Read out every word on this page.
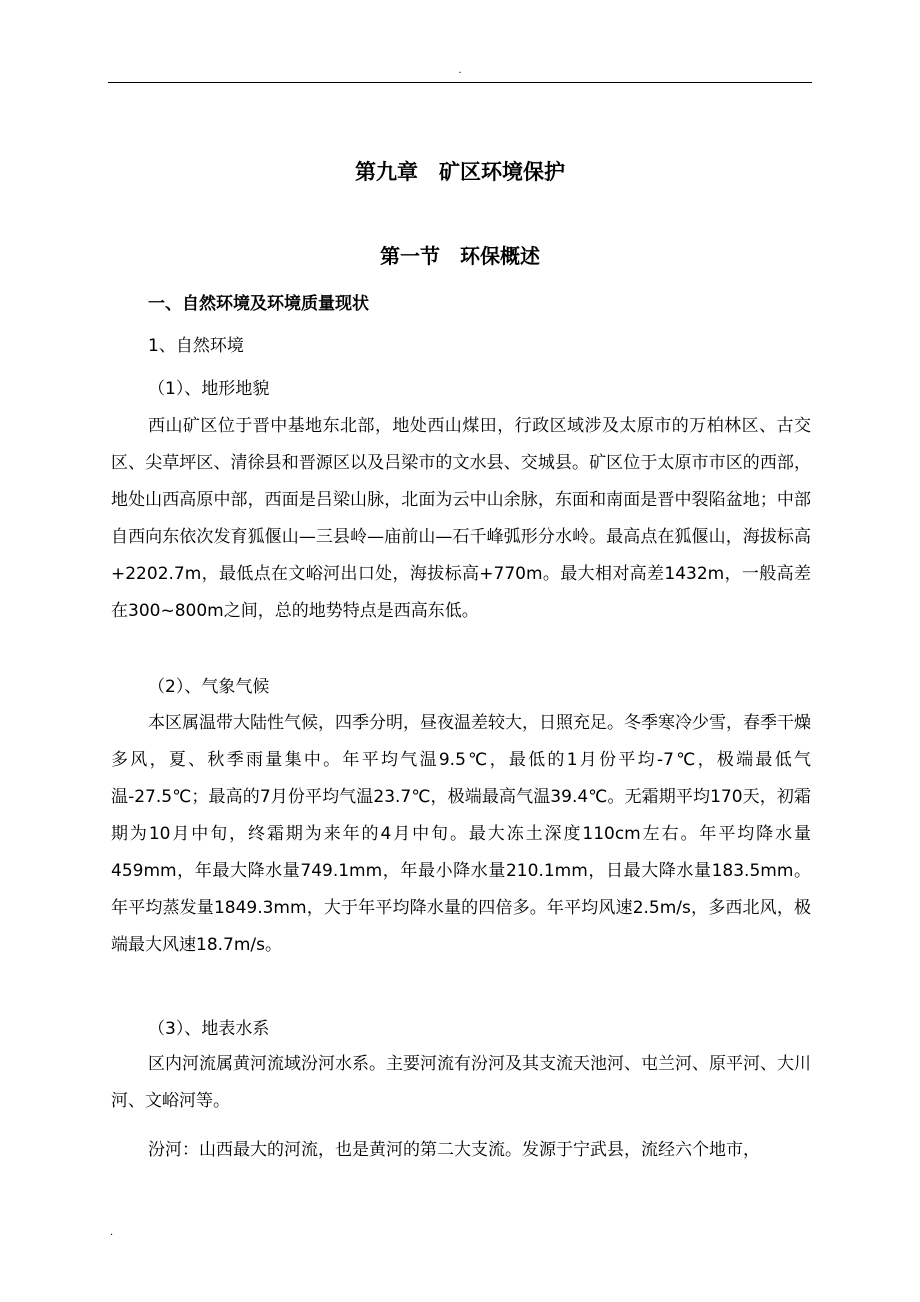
.
第九章　矿区环境保护
第一节　环保概述
一、自然环境及环境质量现状
1、自然环境
（1）、地形地貌

西山矿区位于晋中基地东北部，地处西山煤田，行政区域涉及太原市的万柏林区、古交区、尖草坪区、清徐县和晋源区以及吕梁市的文水县、交城县。矿区位于太原市市区的西部，地处山西高原中部，西面是吕梁山脉，北面为云中山余脉，东面和南面是晋中裂陷盆地；中部自西向东依次发育狐偃山—三县岭—庙前山—石千峰弧形分水岭。最高点在狐偃山，海拔标高+2202.7m，最低点在文峪河出口处，海拔标高+770m。最大相对高差1432m，一般高差在300~800m之间，总的地势特点是西高东低。

（2）、气象气候

本区属温带大陆性气候，四季分明，昼夜温差较大，日照充足。冬季寒冷少雪，春季干燥多风，夏、秋季雨量集中。年平均气温9.5℃，最低的1月份平均-7℃，极端最低气温-27.5℃；最高的7月份平均气温23.7℃，极端最高气温39.4℃。无霜期平均170天，初霜期为10月中旬，终霜期为来年的4月中旬。最大冻土深度110cm左右。年平均降水量459mm，年最大降水量749.1mm，年最小降水量210.1mm，日最大降水量183.5mm。年平均蒸发量1849.3mm，大于年平均降水量的四倍多。年平均风速2.5m/s，多西北风，极端最大风速18.7m/s。

（3）、地表水系

区内河流属黄河流域汾河水系。主要河流有汾河及其支流天池河、屯兰河、原平河、大川河、文峪河等。

汾河：山西最大的河流，也是黄河的第二大支流。发源于宁武县，流经六个地市，

.
